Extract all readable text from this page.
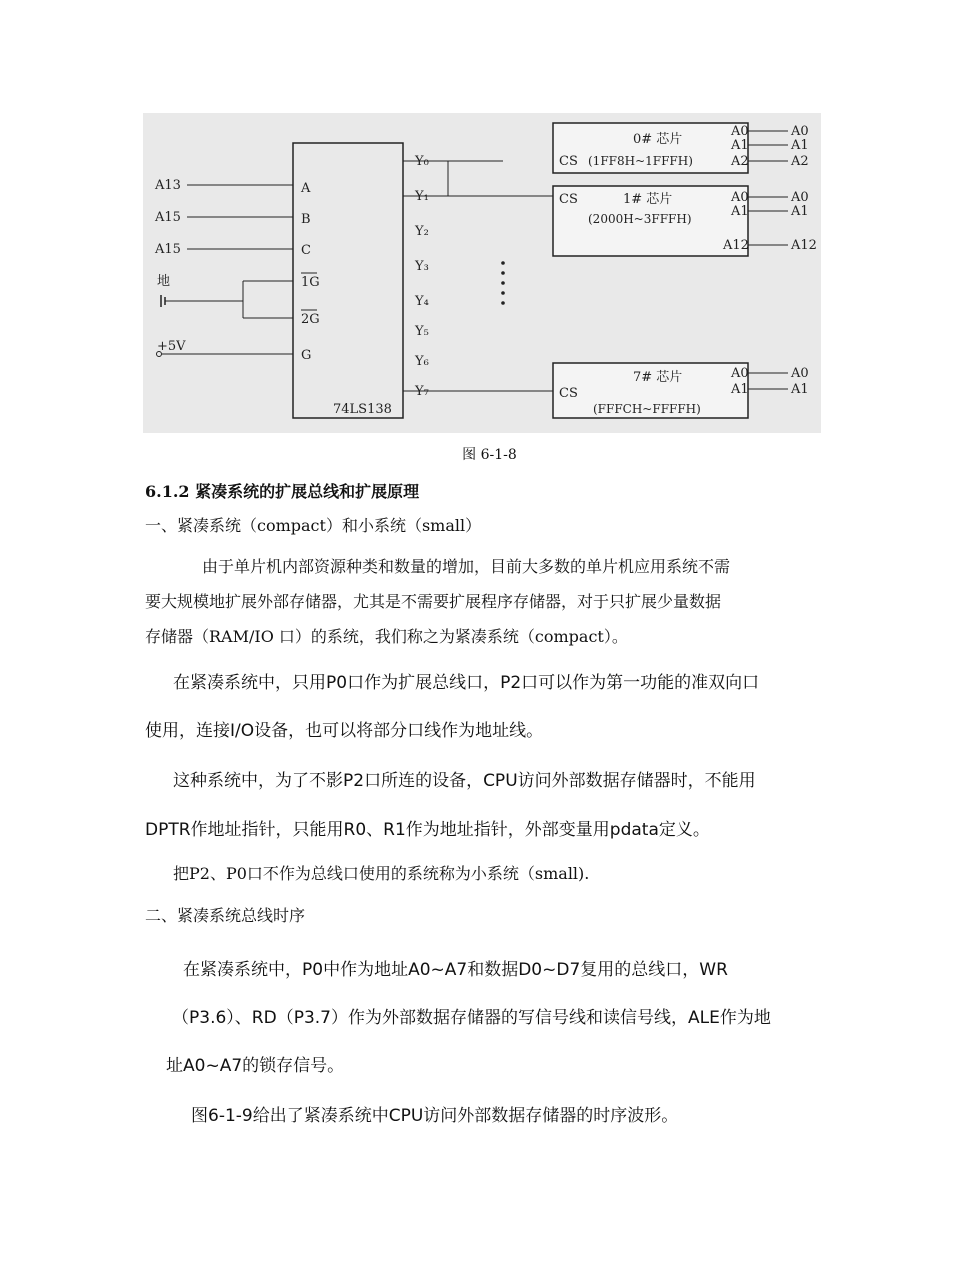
A
B
C
1G
2G
G
A13
A15
A15
地
+5V
Y₀
Y₁
Y₂
Y₃
Y₄
Y₅
Y₆
Y₇
74LS138
0# 芯片
CS (1FF8H~1FFFH)
A0
A1
A2
A0
A1
A2
CS	1# 芯片
(2000H~3FFFH)
A0
A1
A12
A0
A1
A12
7# 芯片
CS
(FFFCH~FFFFH)
A0
A1
A0
A1
图 6-1-8
6.1.2 紧凑系统的扩展总线和扩展原理
一、紧凑系统（compact）和小系统（small）
由于单片机内部资源种类和数量的增加，目前大多数的单片机应用系统不需
要大规模地扩展外部存储器，尤其是不需要扩展程序存储器，对于只扩展少量数据
存储器（RAM/IO 口）的系统，我们称之为紧凑系统（compact）。
在紧凑系统中，只用P0口作为扩展总线口，P2口可以作为第一功能的准双向口
使用，连接I/O设备，也可以将部分口线作为地址线。
这种系统中，为了不影P2口所连的设备，CPU访问外部数据存储器时，不能用
DPTR作地址指针，只能用R0、R1作为地址指针，外部变量用pdata定义。
把P2、P0口不作为总线口使用的系统称为小系统（small).
二、紧凑系统总线时序
在紧凑系统中，P0中作为地址A0~A7和数据D0~D7复用的总线口，WR
（P3.6）、RD（P3.7）作为外部数据存储器的写信号线和读信号线，ALE作为地
址A0~A7的锁存信号。
图6-1-9给出了紧凑系统中CPU访问外部数据存储器的时序波形。
